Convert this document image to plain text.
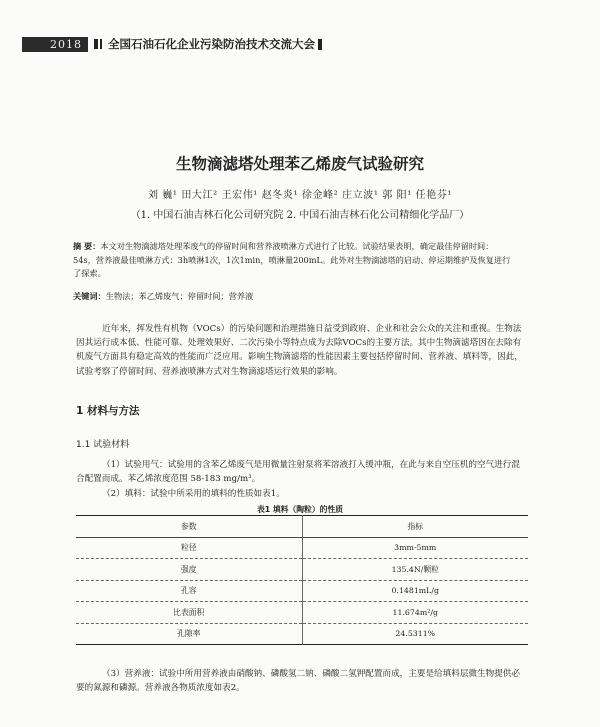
2018	全国石油石化企业污染防治技术交流大会
生物滴滤塔处理苯乙烯废气试验研究
刘 巍¹ 田大江² 王宏伟¹ 赵冬炎¹ 徐金峰² 庄立波¹ 郭 阳¹ 任艳芬¹
（1. 中国石油吉林石化公司研究院 2. 中国石油吉林石化公司精细化学品厂）
摘 要：本文对生物滴滤塔处理苯废气的停留时间和营养液喷淋方式进行了比较。试验结果表明，确定最佳停留时间：54s，营养液最佳喷淋方式：3h喷淋1次，1次1min，喷淋量200mL。此外对生物滴滤塔的启动、停运期维护及恢复进行了探索。
关键词：生物法；苯乙烯废气；停留时间；营养液

近年来，挥发性有机物（VOCs）的污染问题和治理措施日益受到政府、企业和社会公众的关注和重视。生物法因其运行成本低、性能可靠、处理效果好、二次污染小等特点成为去除VOCs的主要方法。其中生物滴滤塔因在去除有机废气方面具有稳定高效的性能而广泛应用。影响生物滴滤塔的性能因素主要包括停留时间、营养液、填料等，因此，试验考察了停留时间、营养液喷淋方式对生物滴滤塔运行效果的影响。

1 材料与方法
1.1 试验材料

（1）试验用气：试验用的含苯乙烯废气是用微量注射泵将苯溶液打入缓冲瓶，在此与来自空压机的空气进行混合配置而成。苯乙烯浓度范围 58-183 mg/m³。

（2）填料：试验中所采用的填料的性质如表1。

表1 填料（陶粒）的性质
参数	指标
粒径	3mm-5mm
强度	135.4N/颗粒
孔容	0.1481mL/g
比表面积	11.674m²/g
孔隙率	24.5311%

（3）营养液：试验中所用营养液由硝酸钠、磷酸氢二钠、磷酸二氢钾配置而成，主要是给填料层微生物提供必要的氮源和磷源。营养液各物质浓度如表2。
